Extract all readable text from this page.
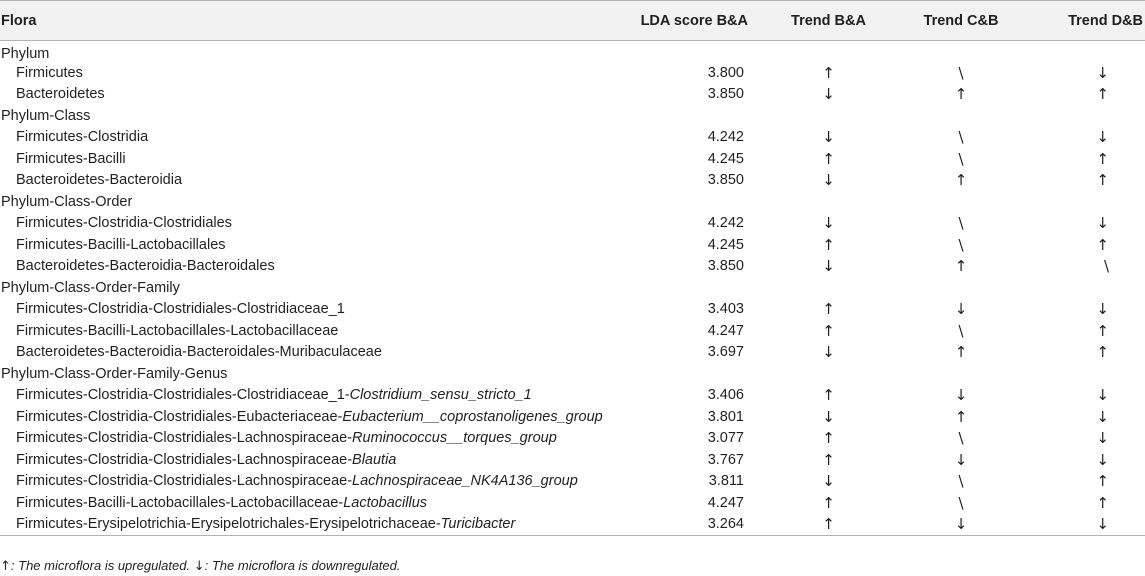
Flora	LDA score B&A	Trend B&A	Trend C&B	Trend D&B
Phylum				
Firmicutes	3.800	↑	\	↓
Bacteroidetes	3.850	↓	↑	↑
Phylum-Class				
Firmicutes-Clostridia	4.242	↓	\	↓
Firmicutes-Bacilli	4.245	↑	\	↑
Bacteroidetes-Bacteroidia	3.850	↓	↑	↑
Phylum-Class-Order				
Firmicutes-Clostridia-Clostridiales	4.242	↓	\	↓
Firmicutes-Bacilli-Lactobacillales	4.245	↑	\	↑
Bacteroidetes-Bacteroidia-Bacteroidales	3.850	↓	↑	\
Phylum-Class-Order-Family				
Firmicutes-Clostridia-Clostridiales-Clostridiaceae_1	3.403	↑	↓	↓
Firmicutes-Bacilli-Lactobacillales-Lactobacillaceae	4.247	↑	\	↑
Bacteroidetes-Bacteroidia-Bacteroidales-Muribaculaceae	3.697	↓	↑	↑
Phylum-Class-Order-Family-Genus				
Firmicutes-Clostridia-Clostridiales-Clostridiaceae_1-Clostridium_sensu_stricto_1	3.406	↑	↓	↓
Firmicutes-Clostridia-Clostridiales-Eubacteriaceae-Eubacterium__coprostanoligenes_group	3.801	↓	↑	↓
Firmicutes-Clostridia-Clostridiales-Lachnospiraceae-Ruminococcus__torques_group	3.077	↑	\	↓
Firmicutes-Clostridia-Clostridiales-Lachnospiraceae-Blautia	3.767	↑	↓	↓
Firmicutes-Clostridia-Clostridiales-Lachnospiraceae-Lachnospiraceae_NK4A136_group	3.811	↓	\	↑
Firmicutes-Bacilli-Lactobacillales-Lactobacillaceae-Lactobacillus	4.247	↑	\	↑
Firmicutes-Erysipelotrichia-Erysipelotrichales-Erysipelotrichaceae-Turicibacter	3.264	↑	↓	↓
↑: The microflora is upregulated. ↓: The microflora is downregulated.
